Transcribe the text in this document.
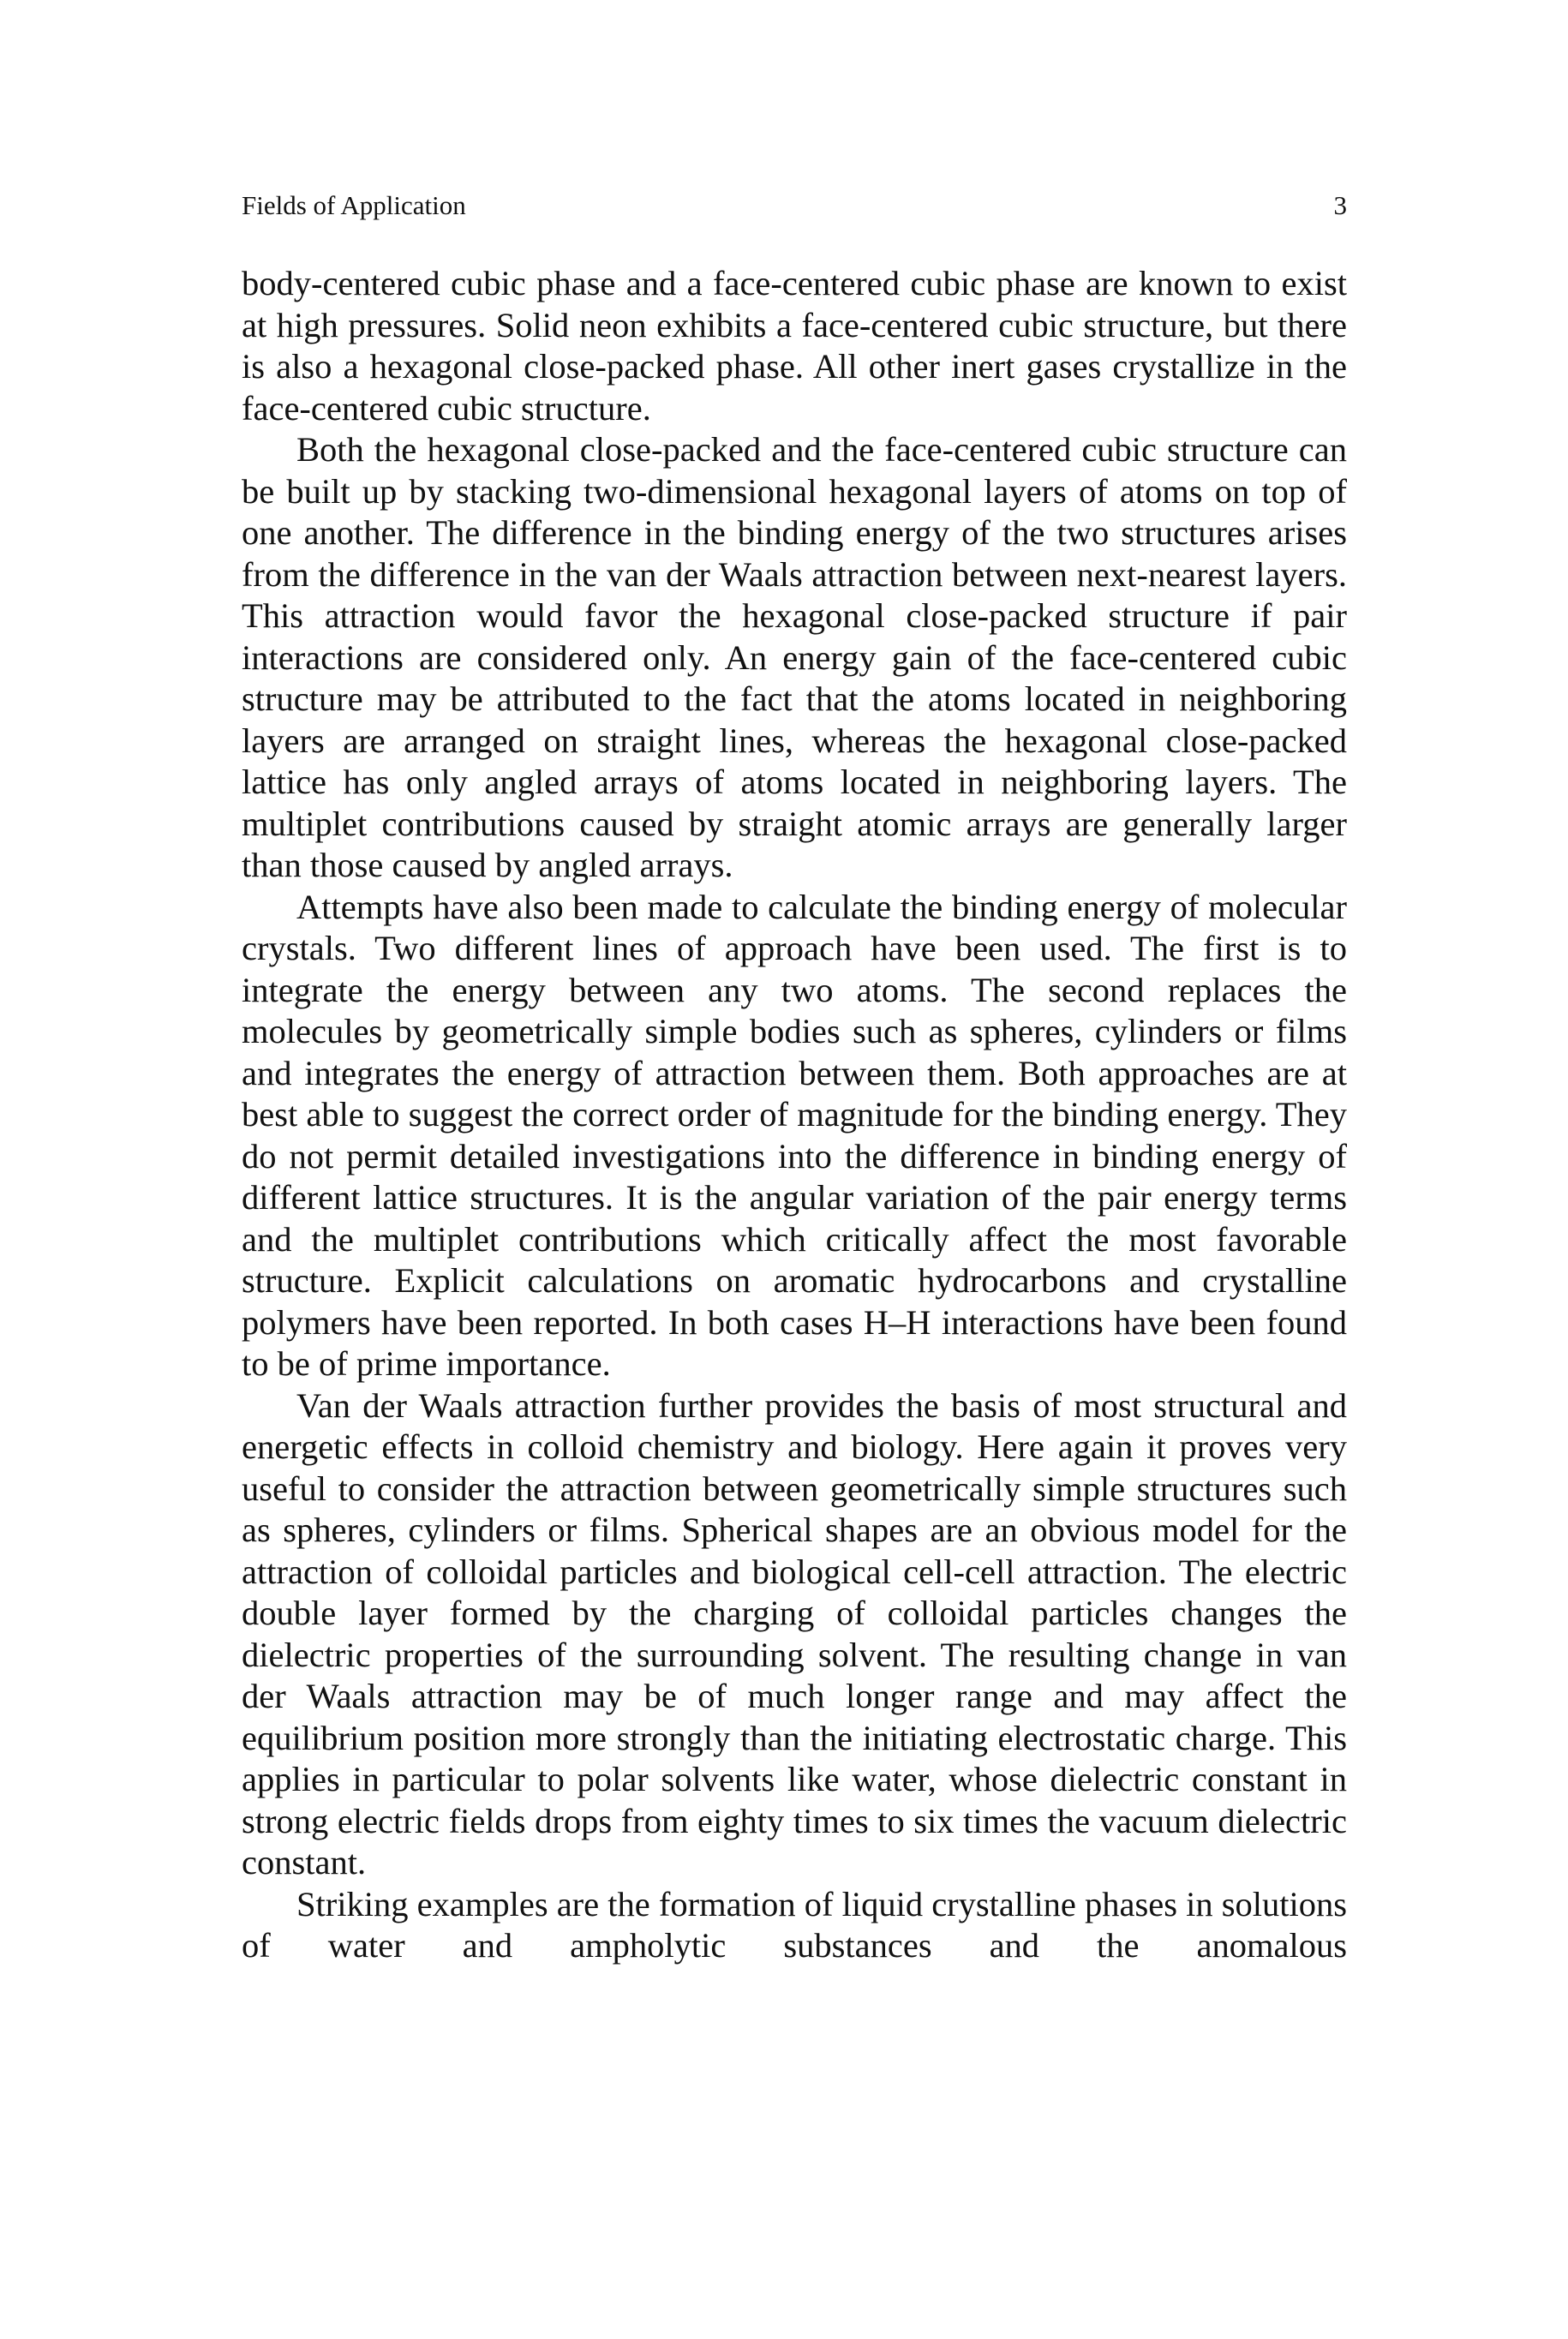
Fields of Application	3

body-centered cubic phase and a face-centered cubic phase are known to exist at high pressures. Solid neon exhibits a face-centered cubic structure, but there is also a hexagonal close-packed phase. All other inert gases crystallize in the face-centered cubic structure.

Both the hexagonal close-packed and the face-centered cubic structure can be built up by stacking two-dimensional hexagonal layers of atoms on top of one another. The difference in the binding energy of the two structures arises from the difference in the van der Waals attraction between next-nearest layers. This attraction would favor the hexagonal close-packed structure if pair interactions are considered only. An energy gain of the face-centered cubic structure may be attributed to the fact that the atoms located in neighboring layers are arranged on straight lines, whereas the hexagonal close-packed lattice has only angled arrays of atoms located in neighboring layers. The multiplet contributions caused by straight atomic arrays are generally larger than those caused by angled arrays.

Attempts have also been made to calculate the binding energy of molecular crystals. Two different lines of approach have been used. The first is to integrate the energy between any two atoms. The second replaces the molecules by geometrically simple bodies such as spheres, cylinders or films and integrates the energy of attraction between them. Both approaches are at best able to suggest the correct order of magnitude for the binding energy. They do not permit detailed investigations into the difference in binding energy of different lattice structures. It is the angular variation of the pair energy terms and the multiplet contributions which critically affect the most favorable structure. Explicit calculations on aromatic hydrocarbons and crystalline polymers have been reported. In both cases H–H interactions have been found to be of prime importance.

Van der Waals attraction further provides the basis of most structural and energetic effects in colloid chemistry and biology. Here again it proves very useful to consider the attraction between geometrically simple structures such as spheres, cylinders or films. Spherical shapes are an obvious model for the attraction of colloidal particles and biological cell-cell attraction. The electric double layer formed by the charging of colloidal particles changes the dielectric properties of the surrounding solvent. The resulting change in van der Waals attraction may be of much longer range and may affect the equilibrium position more strongly than the initiating electrostatic charge. This applies in particular to polar solvents like water, whose dielectric constant in strong electric fields drops from eighty times to six times the vacuum dielectric constant.

Striking examples are the formation of liquid crystalline phases in solutions of water and ampholytic substances and the anomalous
